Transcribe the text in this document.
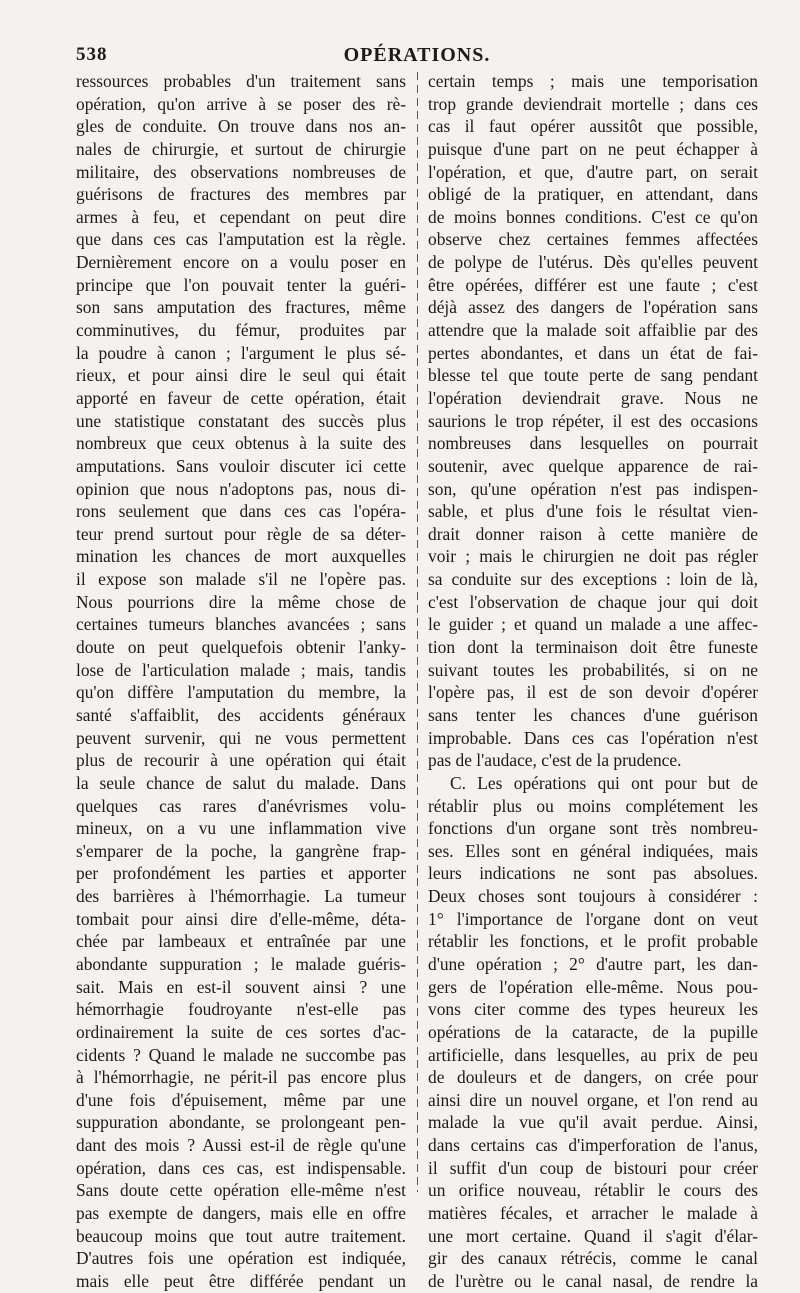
538	OPÉRATIONS.
ressources probables d'un traitement sans
opération, qu'on arrive à se poser des rè-
gles de conduite. On trouve dans nos an-
nales de chirurgie, et surtout de chirurgie
militaire, des observations nombreuses de
guérisons de fractures des membres par
armes à feu, et cependant on peut dire
que dans ces cas l'amputation est la règle.
Dernièrement encore on a voulu poser en
principe que l'on pouvait tenter la guéri-
son sans amputation des fractures, même
comminutives, du fémur, produites par
la poudre à canon ; l'argument le plus sé-
rieux, et pour ainsi dire le seul qui était
apporté en faveur de cette opération, était
une statistique constatant des succès plus
nombreux que ceux obtenus à la suite des
amputations. Sans vouloir discuter ici cette
opinion que nous n'adoptons pas, nous di-
rons seulement que dans ces cas l'opéra-
teur prend surtout pour règle de sa déter-
mination les chances de mort auxquelles
il expose son malade s'il ne l'opère pas.
Nous pourrions dire la même chose de
certaines tumeurs blanches avancées ; sans
doute on peut quelquefois obtenir l'anky-
lose de l'articulation malade ; mais, tandis
qu'on diffère l'amputation du membre, la
santé s'affaiblit, des accidents généraux
peuvent survenir, qui ne vous permettent
plus de recourir à une opération qui était
la seule chance de salut du malade. Dans
quelques cas rares d'anévrismes volu-
mineux, on a vu une inflammation vive
s'emparer de la poche, la gangrène frap-
per profondément les parties et apporter
des barrières à l'hémorrhagie. La tumeur
tombait pour ainsi dire d'elle-même, déta-
chée par lambeaux et entraînée par une
abondante suppuration ; le malade guéris-
sait. Mais en est-il souvent ainsi ? une
hémorrhagie foudroyante n'est-elle pas
ordinairement la suite de ces sortes d'ac-
cidents ? Quand le malade ne succombe pas
à l'hémorrhagie, ne périt-il pas encore plus
d'une fois d'épuisement, même par une
suppuration abondante, se prolongeant pen-
dant des mois ? Aussi est-il de règle qu'une
opération, dans ces cas, est indispensable.
Sans doute cette opération elle-même n'est
pas exempte de dangers, mais elle en offre
beaucoup moins que tout autre traitement.
D'autres fois une opération est indiquée,
mais elle peut être différée pendant un
certain temps ; mais une temporisation
trop grande deviendrait mortelle ; dans ces
cas il faut opérer aussitôt que possible,
puisque d'une part on ne peut échapper à
l'opération, et que, d'autre part, on serait
obligé de la pratiquer, en attendant, dans
de moins bonnes conditions. C'est ce qu'on
observe chez certaines femmes affectées
de polype de l'utérus. Dès qu'elles peuvent
être opérées, différer est une faute ; c'est
déjà assez des dangers de l'opération sans
attendre que la malade soit affaiblie par des
pertes abondantes, et dans un état de fai-
blesse tel que toute perte de sang pendant
l'opération deviendrait grave. Nous ne
saurions le trop répéter, il est des occasions
nombreuses dans lesquelles on pourrait
soutenir, avec quelque apparence de rai-
son, qu'une opération n'est pas indispen-
sable, et plus d'une fois le résultat vien-
drait donner raison à cette manière de
voir ; mais le chirurgien ne doit pas régler
sa conduite sur des exceptions : loin de là,
c'est l'observation de chaque jour qui doit
le guider ; et quand un malade a une affec-
tion dont la terminaison doit être funeste
suivant toutes les probabilités, si on ne
l'opère pas, il est de son devoir d'opérer
sans tenter les chances d'une guérison
improbable. Dans ces cas l'opération n'est
pas de l'audace, c'est de la prudence.
C. Les opérations qui ont pour but de
rétablir plus ou moins complétement les
fonctions d'un organe sont très nombreu-
ses. Elles sont en général indiquées, mais
leurs indications ne sont pas absolues.
Deux choses sont toujours à considérer :
1° l'importance de l'organe dont on veut
rétablir les fonctions, et le profit probable
d'une opération ; 2° d'autre part, les dan-
gers de l'opération elle-même. Nous pou-
vons citer comme des types heureux les
opérations de la cataracte, de la pupille
artificielle, dans lesquelles, au prix de peu
de douleurs et de dangers, on crée pour
ainsi dire un nouvel organe, et l'on rend au
malade la vue qu'il avait perdue. Ainsi,
dans certains cas d'imperforation de l'anus,
il suffit d'un coup de bistouri pour créer
un orifice nouveau, rétablir le cours des
matières fécales, et arracher le malade à
une mort certaine. Quand il s'agit d'élar-
gir des canaux rétrécis, comme le canal
de l'urètre ou le canal nasal, de rendre la
